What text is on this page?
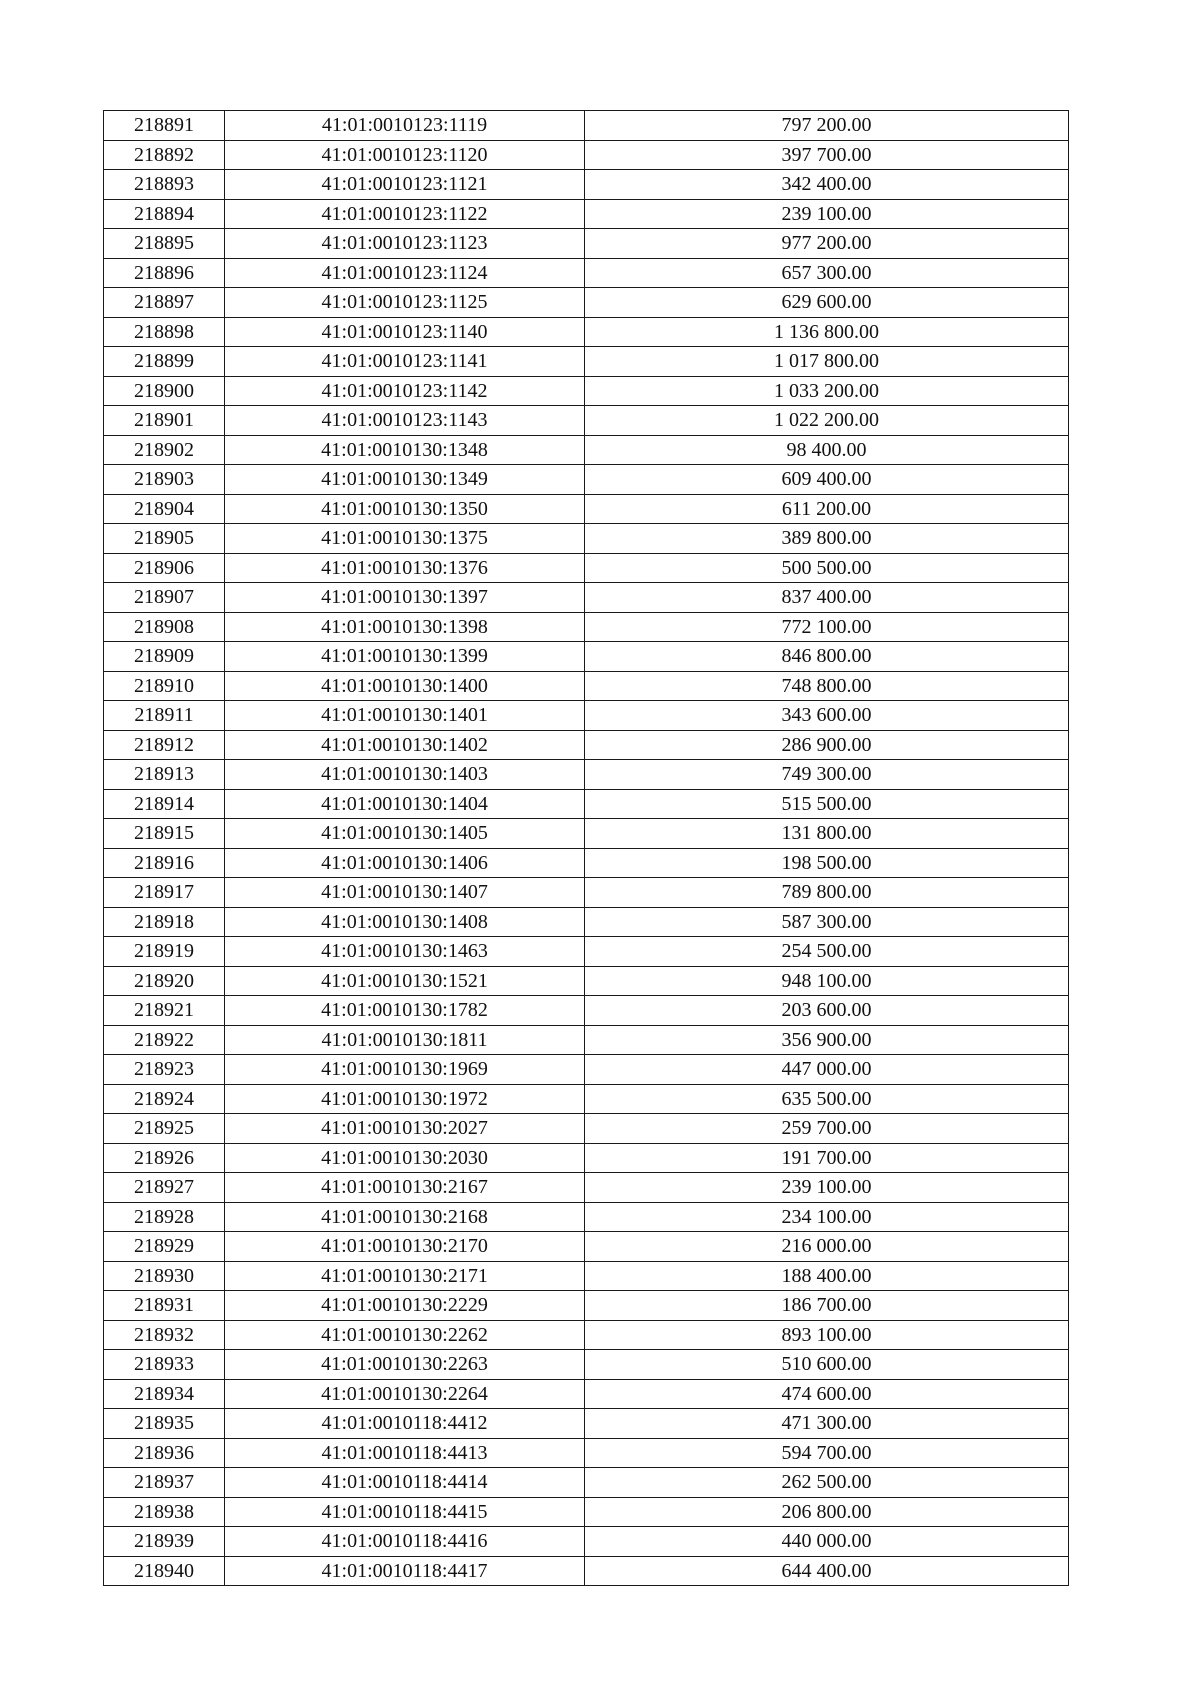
218891	41:01:0010123:1119	797 200.00
218892	41:01:0010123:1120	397 700.00
218893	41:01:0010123:1121	342 400.00
218894	41:01:0010123:1122	239 100.00
218895	41:01:0010123:1123	977 200.00
218896	41:01:0010123:1124	657 300.00
218897	41:01:0010123:1125	629 600.00
218898	41:01:0010123:1140	1 136 800.00
218899	41:01:0010123:1141	1 017 800.00
218900	41:01:0010123:1142	1 033 200.00
218901	41:01:0010123:1143	1 022 200.00
218902	41:01:0010130:1348	98 400.00
218903	41:01:0010130:1349	609 400.00
218904	41:01:0010130:1350	611 200.00
218905	41:01:0010130:1375	389 800.00
218906	41:01:0010130:1376	500 500.00
218907	41:01:0010130:1397	837 400.00
218908	41:01:0010130:1398	772 100.00
218909	41:01:0010130:1399	846 800.00
218910	41:01:0010130:1400	748 800.00
218911	41:01:0010130:1401	343 600.00
218912	41:01:0010130:1402	286 900.00
218913	41:01:0010130:1403	749 300.00
218914	41:01:0010130:1404	515 500.00
218915	41:01:0010130:1405	131 800.00
218916	41:01:0010130:1406	198 500.00
218917	41:01:0010130:1407	789 800.00
218918	41:01:0010130:1408	587 300.00
218919	41:01:0010130:1463	254 500.00
218920	41:01:0010130:1521	948 100.00
218921	41:01:0010130:1782	203 600.00
218922	41:01:0010130:1811	356 900.00
218923	41:01:0010130:1969	447 000.00
218924	41:01:0010130:1972	635 500.00
218925	41:01:0010130:2027	259 700.00
218926	41:01:0010130:2030	191 700.00
218927	41:01:0010130:2167	239 100.00
218928	41:01:0010130:2168	234 100.00
218929	41:01:0010130:2170	216 000.00
218930	41:01:0010130:2171	188 400.00
218931	41:01:0010130:2229	186 700.00
218932	41:01:0010130:2262	893 100.00
218933	41:01:0010130:2263	510 600.00
218934	41:01:0010130:2264	474 600.00
218935	41:01:0010118:4412	471 300.00
218936	41:01:0010118:4413	594 700.00
218937	41:01:0010118:4414	262 500.00
218938	41:01:0010118:4415	206 800.00
218939	41:01:0010118:4416	440 000.00
218940	41:01:0010118:4417	644 400.00
